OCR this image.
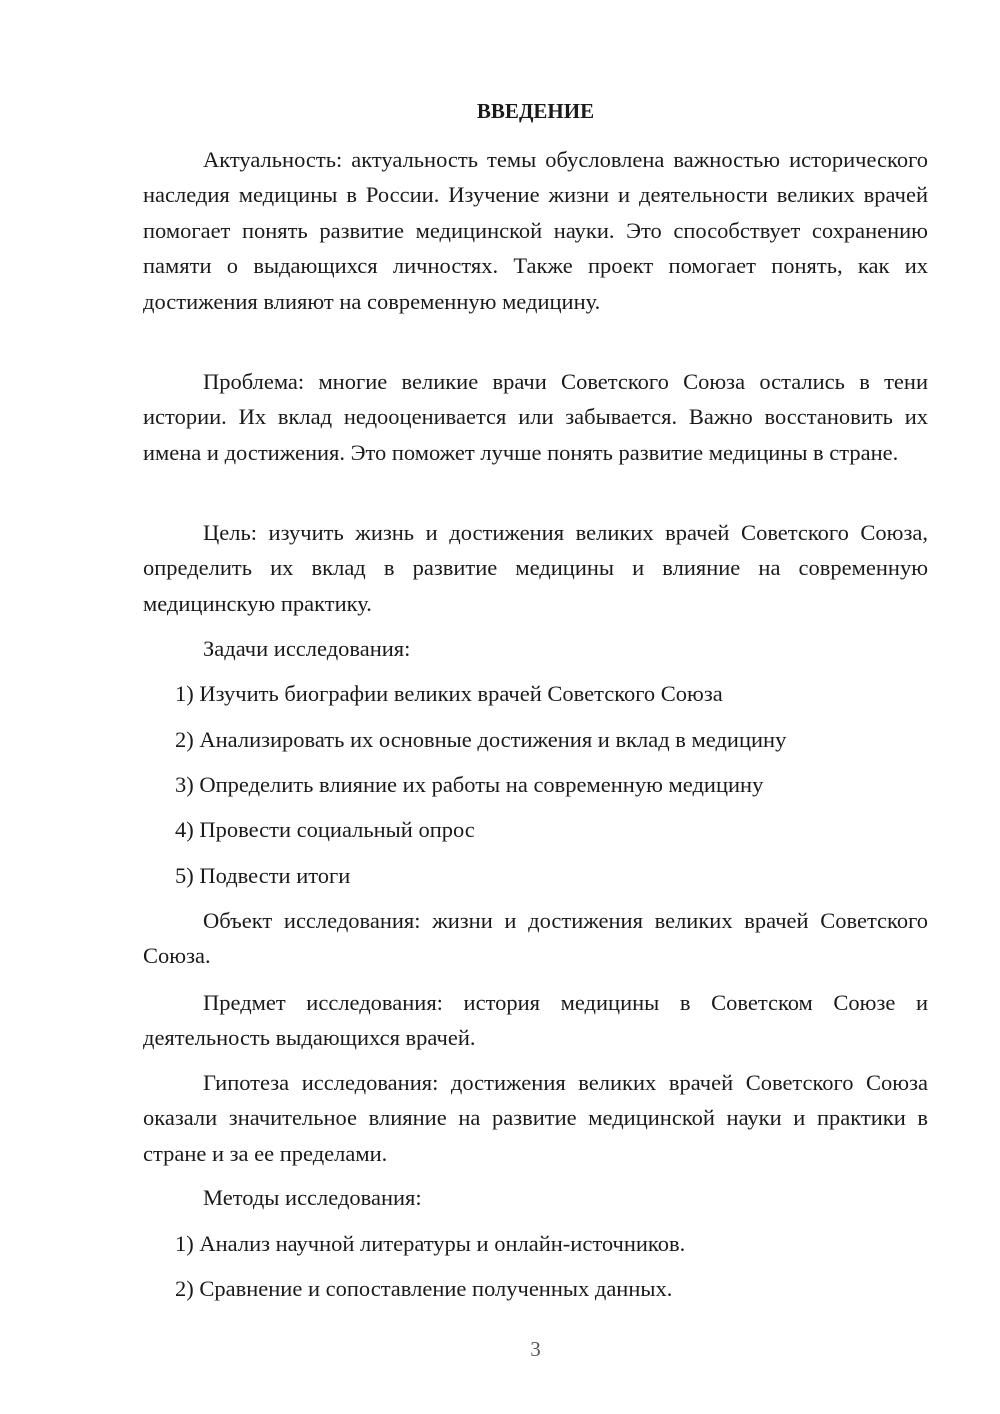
ВВЕДЕНИЕ

Актуальность: актуальность темы обусловлена важностью исторического наследия медицины в России. Изучение жизни и деятельности великих врачей помогает понять развитие медицинской науки. Это способствует сохранению памяти о выдающихся личностях. Также проект помогает понять, как их достижения влияют на современную медицину.

Проблема: многие великие врачи Советского Союза остались в тени истории. Их вклад недооценивается или забывается. Важно восстановить их имена и достижения. Это поможет лучше понять развитие медицины в стране.

Цель: изучить жизнь и достижения великих врачей Советского Союза, определить их вклад в развитие медицины и влияние на современную медицинскую практику.

Задачи исследования:

1) Изучить биографии великих врачей Советского Союза

2) Анализировать их основные достижения и вклад в медицину

3) Определить влияние их работы на современную медицину

4) Провести социальный опрос

5) Подвести итоги

Объект исследования: жизни и достижения великих врачей Советского Союза.

Предмет исследования: история медицины в Советском Союзе и деятельность выдающихся врачей.

Гипотеза исследования: достижения великих врачей Советского Союза оказали значительное влияние на развитие медицинской науки и практики в стране и за ее пределами.

Методы исследования:

1) Анализ научной литературы и онлайн-источников.

2) Сравнение и сопоставление полученных данных.

3
